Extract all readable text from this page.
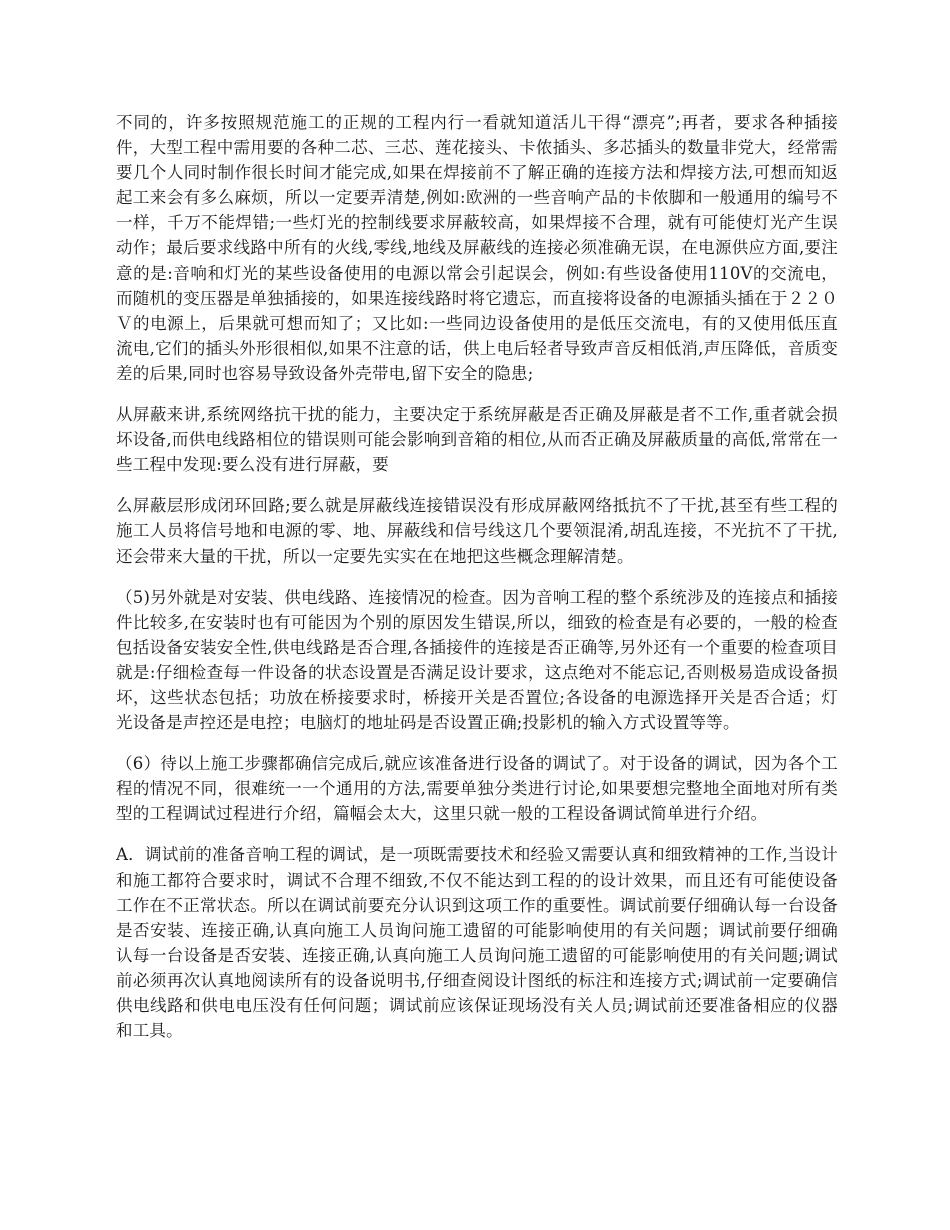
不同的，许多按照规范施工的正规的工程内行一看就知道活儿干得“漂亮”;再者，要求各种插接件，大型工程中需用要的各种二芯、三芯、莲花接头、卡侬插头、多芯插头的数量非党大，经常需要几个人同时制作很长时间才能完成,如果在焊接前不了解正确的连接方法和焊接方法,可想而知返起工来会有多么麻烦，所以一定要弄清楚,例如:欧洲的一些音响产品的卡侬脚和一般通用的编号不一样，千万不能焊错;一些灯光的控制线要求屏蔽较高，如果焊接不合理，就有可能使灯光产生误动作；最后要求线路中所有的火线,零线,地线及屏蔽线的连接必须准确无误，在电源供应方面,要注意的是:音响和灯光的某些设备使用的电源以常会引起误会，例如:有些设备使用110V的交流电，而随机的变压器是单独插接的，如果连接线路时将它遗忘，而直接将设备的电源插头插在于２２０Ｖ的电源上，后果就可想而知了；又比如:一些同边设备使用的是低压交流电，有的又使用低压直流电,它们的插头外形很相似,如果不注意的话，供上电后轻者导致声音反相低消,声压降低，音质变差的后果,同时也容易导致设备外壳带电,留下安全的隐患;

从屏蔽来讲,系统网络抗干扰的能力，主要决定于系统屏蔽是否正确及屏蔽是者不工作,重者就会损坏设备,而供电线路相位的错误则可能会影响到音箱的相位,从而否正确及屏蔽质量的高低,常常在一些工程中发现:要么没有进行屏蔽，要

么屏蔽层形成闭环回路;要么就是屏蔽线连接错误没有形成屏蔽网络抵抗不了干扰,甚至有些工程的施工人员将信号地和电源的零、地、屏蔽线和信号线这几个要领混淆,胡乱连接，不光抗不了干扰,还会带来大量的干扰，所以一定要先实实在在地把这些概念理解清楚。

（5)另外就是对安装、供电线路、连接情况的检查。因为音响工程的整个系统涉及的连接点和插接件比较多,在安装时也有可能因为个别的原因发生错误,所以，细致的检查是有必要的，一般的检查包括设备安装安全性,供电线路是否合理,各插接件的连接是否正确等,另外还有一个重要的检查项目就是:仔细检查每一件设备的状态设置是否满足设计要求，这点绝对不能忘记,否则极易造成设备损坏，这些状态包括；功放在桥接要求时，桥接开关是否置位;各设备的电源选择开关是否合适；灯光设备是声控还是电控；电脑灯的地址码是否设置正确;投影机的输入方式设置等等。

（6）待以上施工步骤都确信完成后,就应该准备进行设备的调试了。对于设备的调试，因为各个工程的情况不同，很难统一一个通用的方法,需要单独分类进行讨论,如果要想完整地全面地对所有类型的工程调试过程进行介绍，篇幅会太大，这里只就一般的工程设备调试简单进行介绍。

A．调试前的准备音响工程的调试，是一项既需要技术和经验又需要认真和细致精神的工作,当设计和施工都符合要求时，调试不合理不细致,不仅不能达到工程的的设计效果，而且还有可能使设备工作在不正常状态。所以在调试前要充分认识到这项工作的重要性。调试前要仔细确认每一台设备是否安装、连接正确,认真向施工人员询问施工遗留的可能影响使用的有关问题；调试前要仔细确认每一台设备是否安装、连接正确,认真向施工人员询问施工遗留的可能影响使用的有关问题;调试前必须再次认真地阅读所有的设备说明书,仔细查阅设计图纸的标注和连接方式;调试前一定要确信供电线路和供电电压没有任何问题；调试前应该保证现场没有关人员;调试前还要准备相应的仪器和工具。
